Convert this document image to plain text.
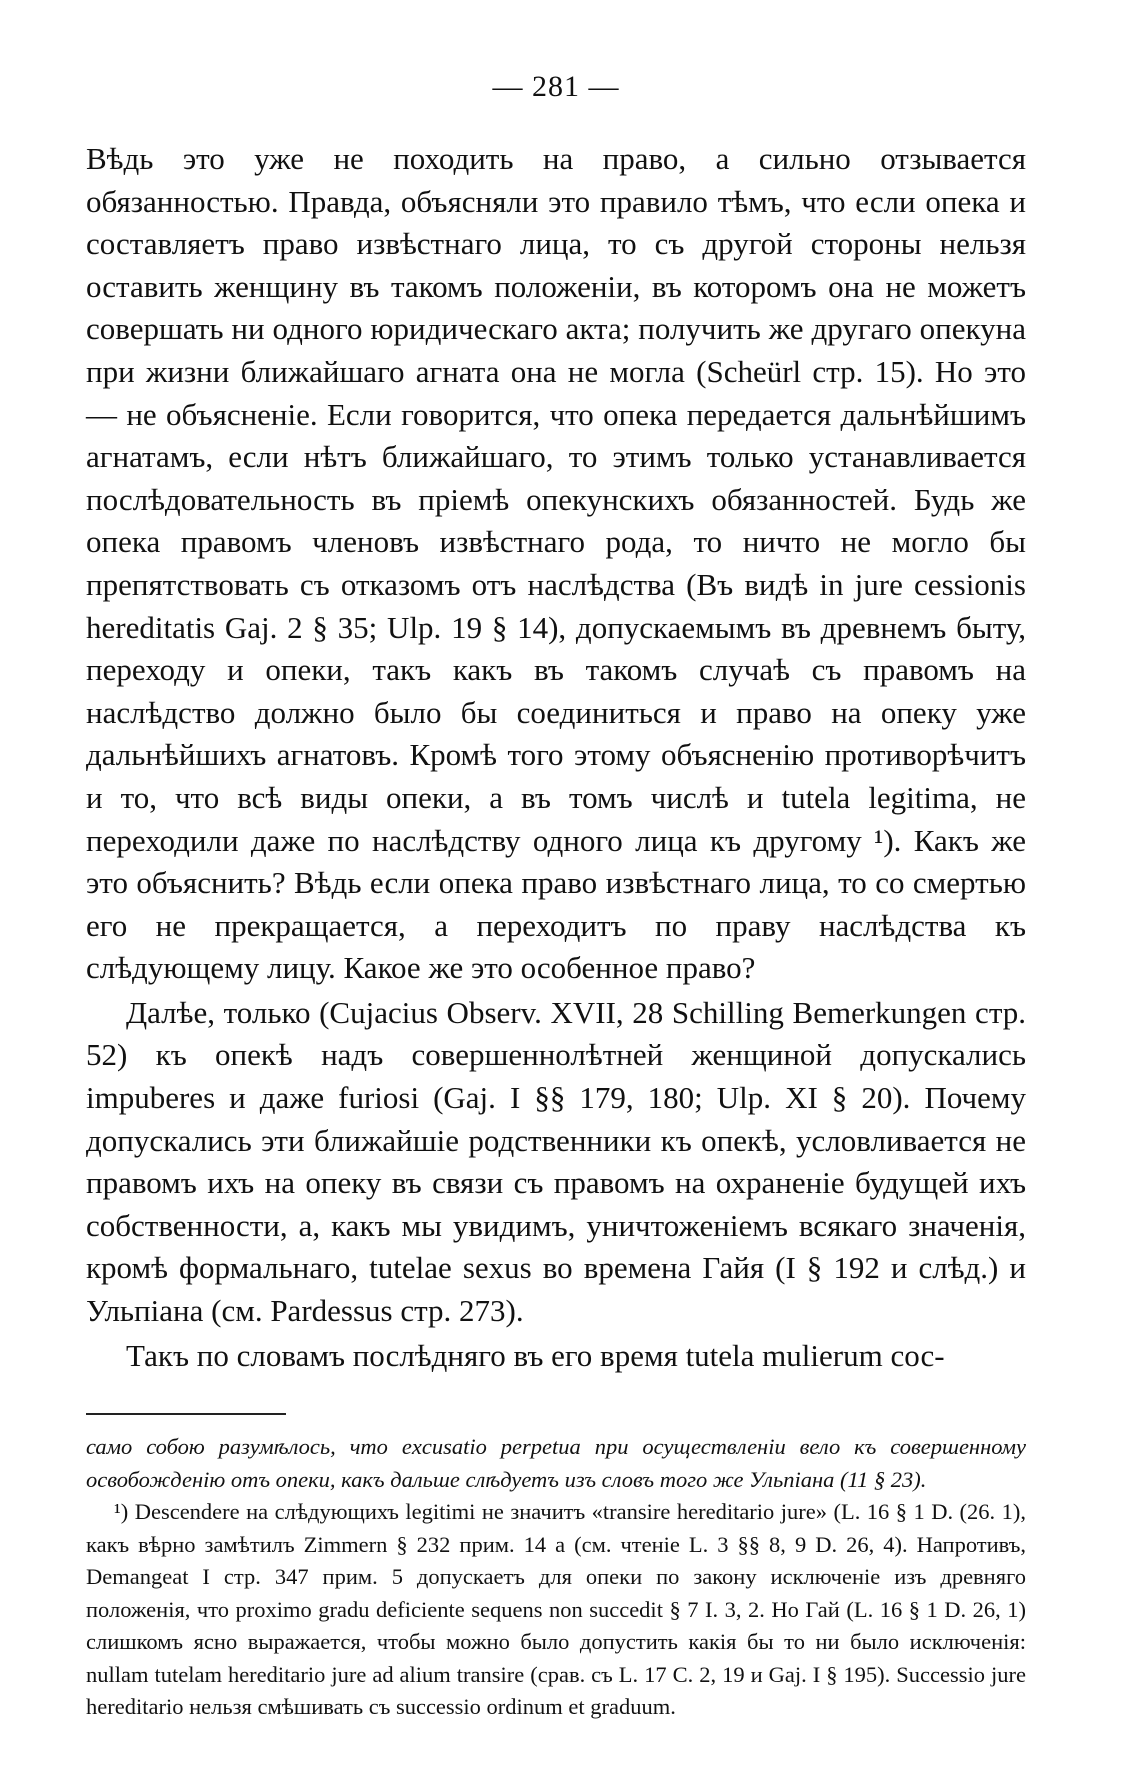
— 281 —

Вѣдь это уже не походить на право, а сильно отзывается обязанностью. Правда, объясняли это правило тѣмъ, что если опека и составляетъ право извѣстнаго лица, то съ другой стороны нельзя оставить женщину въ такомъ положеніи, въ которомъ она не можетъ совершать ни одного юридическаго акта; получить же другаго опекуна при жизни ближайшаго агната она не могла (Scheürl стр. 15). Но это — не объясненіе. Если говорится, что опека передается дальнѣйшимъ агнатамъ, если нѣтъ ближайшаго, то этимъ только устанавливается послѣдовательность въ пріемѣ опекунскихъ обязанностей. Будь же опека правомъ членовъ извѣстнаго рода, то ничто не могло бы препятствовать съ отказомъ отъ наслѣдства (Въ видѣ in jure cessionis hereditatis Gaj. 2 § 35; Ulp. 19 § 14), допускаемымъ въ древнемъ быту, переходу и опеки, такъ какъ въ такомъ случаѣ съ правомъ на наслѣдство должно было бы соединиться и право на опеку уже дальнѣйшихъ агнатовъ. Кромѣ того этому объясненію противорѣчитъ и то, что всѣ виды опеки, а въ томъ числѣ и tutela legitima, не переходили даже по наслѣдству одного лица къ другому ¹). Какъ же это объяснить? Вѣдь если опека право извѣстнаго лица, то со смертью его не прекращается, а переходитъ по праву наслѣдства къ слѣдующему лицу. Какое же это особенное право?

Далѣе, только (Cujacius Observ. XVII, 28 Schilling Bemerkungen стр. 52) къ опекѣ надъ совершеннолѣтней женщиной допускались impuberes и даже furiosi (Gaj. I §§ 179, 180; Ulp. XI § 20). Почему допускались эти ближайшіе родственники къ опекѣ, условливается не правомъ ихъ на опеку въ связи съ правомъ на охраненіе будущей ихъ собственности, а, какъ мы увидимъ, уничтоженіемъ всякаго значенія, кромѣ формальнаго, tutelae sexus во времена Гайя (I § 192 и слѣд.) и Ульпіана (см. Pardessus стр. 273).

Такъ по словамъ послѣдняго въ его время tutela mulierum сос-

само собою разумѣлось, что excusatio perpetua при осуществленіи вело къ совершенному освобожденію отъ опеки, какъ дальше слѣдуетъ изъ словъ того же Ульпіана (11 § 23).

¹) Descendere на слѣдующихъ legitimi не значитъ «transire hereditario jure» (L. 16 § 1 D. (26. 1), какъ вѣрно замѣтилъ Zimmern § 232 прим. 14 a (см. чтеніе L. 3 §§ 8, 9 D. 26, 4). Напротивъ, Demangeat I стр. 347 прим. 5 допускаетъ для опеки по закону исключеніе изъ древняго положенія, что proximo gradu deficiente sequens non succedit § 7 I. 3, 2. Но Гай (L. 16 § 1 D. 26, 1) слишкомъ ясно выражается, чтобы можно было допустить какія бы то ни было исключенія: nullam tutelam hereditario jure ad alium transire (срав. съ L. 17 C. 2, 19 и Gaj. I § 195). Successio jure hereditario нельзя смѣшивать съ successio ordinum et graduum.
